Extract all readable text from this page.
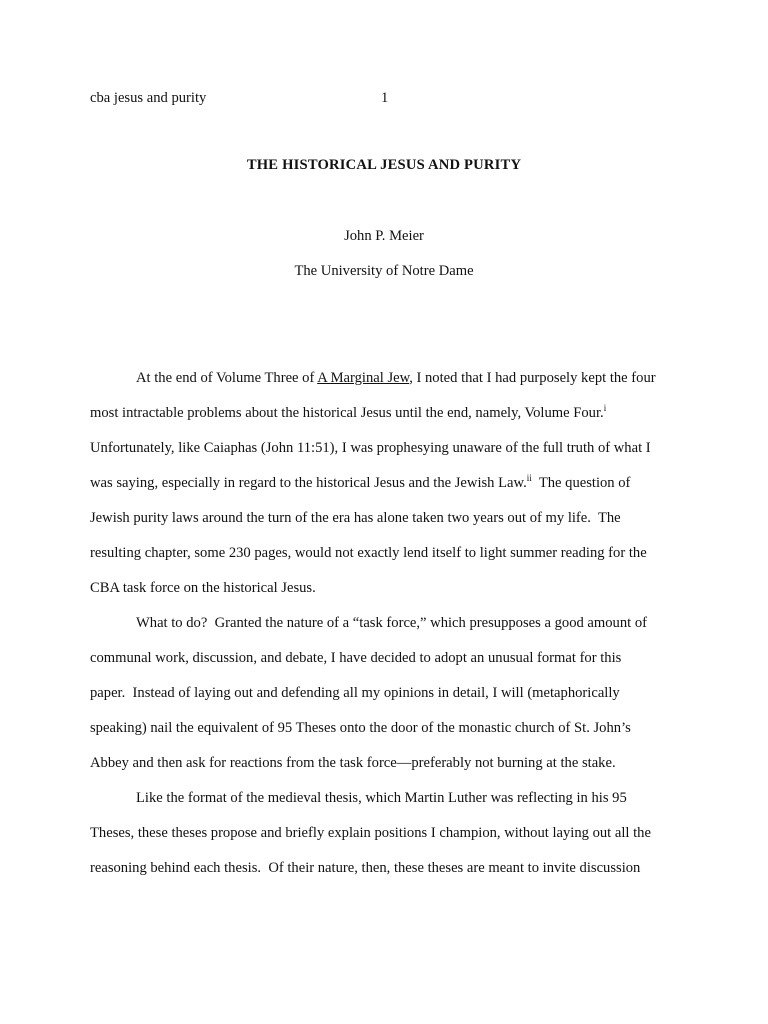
cba jesus and purity	1
THE HISTORICAL JESUS AND PURITY
John P. Meier
The University of Notre Dame
At the end of Volume Three of A Marginal Jew, I noted that I had purposely kept the four
most intractable problems about the historical Jesus until the end, namely, Volume Four.$^i$
Unfortunately, like Caiaphas (John 11:51), I was prophesying unaware of the full truth of what I
was saying, especially in regard to the historical Jesus and the Jewish Law.$^{ii}$  The question of
Jewish purity laws around the turn of the era has alone taken two years out of my life.  The
resulting chapter, some 230 pages, would not exactly lend itself to light summer reading for the
CBA task force on the historical Jesus.
What to do?  Granted the nature of a “task force,” which presupposes a good amount of
communal work, discussion, and debate, I have decided to adopt an unusual format for this
paper.  Instead of laying out and defending all my opinions in detail, I will (metaphorically
speaking) nail the equivalent of 95 Theses onto the door of the monastic church of St. John’s
Abbey and then ask for reactions from the task force—preferably not burning at the stake.
Like the format of the medieval thesis, which Martin Luther was reflecting in his 95
Theses, these theses propose and briefly explain positions I champion, without laying out all the
reasoning behind each thesis.  Of their nature, then, these theses are meant to invite discussion
